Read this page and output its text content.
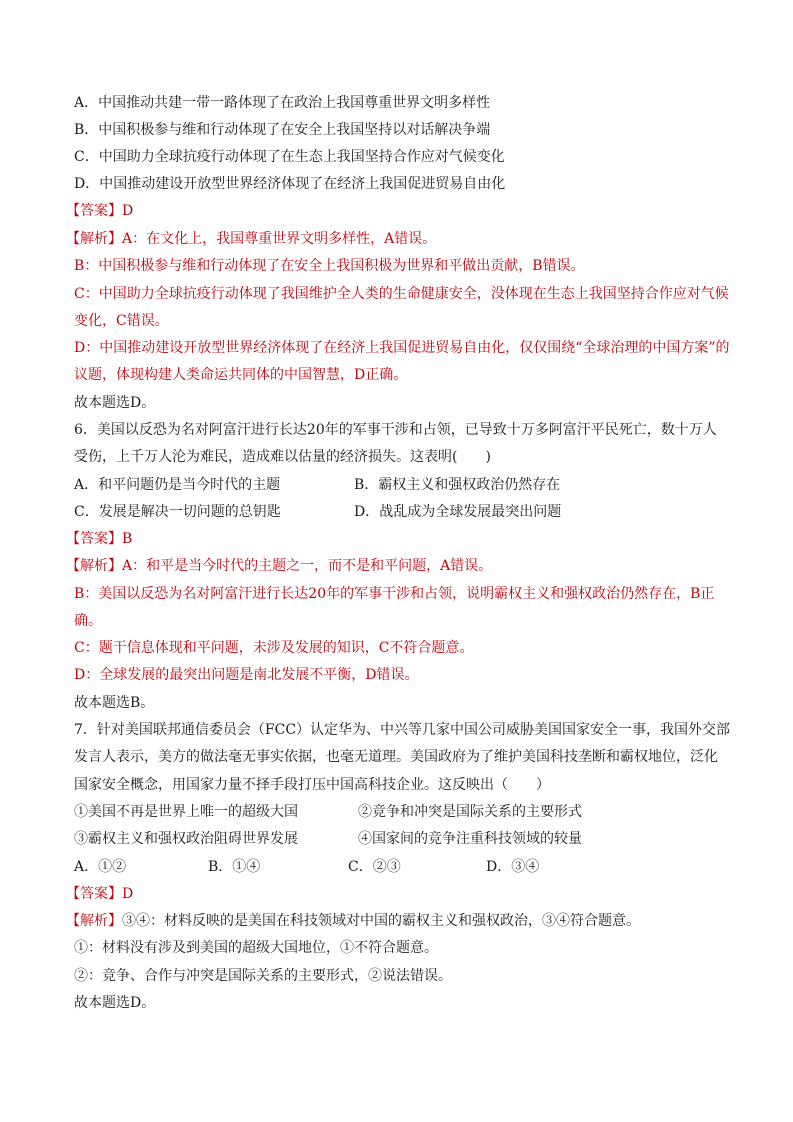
A．中国推动共建一带一路体现了在政治上我国尊重世界文明多样性
B．中国积极参与维和行动体现了在安全上我国坚持以对话解决争端
C．中国助力全球抗疫行动体现了在生态上我国坚持合作应对气候变化
D．中国推动建设开放型世界经济体现了在经济上我国促进贸易自由化
【答案】D
【解析】A：在文化上，我国尊重世界文明多样性，A错误。
B：中国积极参与维和行动体现了在安全上我国积极为世界和平做出贡献，B错误。
C：中国助力全球抗疫行动体现了我国维护全人类的生命健康安全，没体现在生态上我国坚持合作应对气候
变化，C错误。
D：中国推动建设开放型世界经济体现了在经济上我国促进贸易自由化，仅仅围绕“全球治理的中国方案”的
议题，体现构建人类命运共同体的中国智慧，D正确。
故本题选D。
6．美国以反恐为名对阿富汗进行长达20年的军事干涉和占领，已导致十万多阿富汗平民死亡，数十万人
受伤，上千万人沦为难民，造成难以估量的经济损失。这表明(　　)
A．和平问题仍是当今时代的主题	B．霸权主义和强权政治仍然存在
C．发展是解决一切问题的总钥匙	D．战乱成为全球发展最突出问题
【答案】B
【解析】A：和平是当今时代的主题之一，而不是和平问题，A错误。
B：美国以反恐为名对阿富汗进行长达20年的军事干涉和占领，说明霸权主义和强权政治仍然存在，B正
确。
C：题干信息体现和平问题，未涉及发展的知识，C不符合题意。
D：全球发展的最突出问题是南北发展不平衡，D错误。
故本题选B。
7．针对美国联邦通信委员会（FCC）认定华为、中兴等几家中国公司威胁美国国家安全一事，我国外交部
发言人表示，美方的做法毫无事实依据，也毫无道理。美国政府为了维护美国科技垄断和霸权地位，泛化
国家安全概念，用国家力量不择手段打压中国高科技企业。这反映出（　　）
①美国不再是世界上唯一的超级大国	②竞争和冲突是国际关系的主要形式
③霸权主义和强权政治阻碍世界发展	④国家间的竞争注重科技领域的较量
A．①②	B．①④	C．②③	D．③④
【答案】D
【解析】③④：材料反映的是美国在科技领域对中国的霸权主义和强权政治，③④符合题意。
①：材料没有涉及到美国的超级大国地位，①不符合题意。
②：竞争、合作与冲突是国际关系的主要形式，②说法错误。
故本题选D。
